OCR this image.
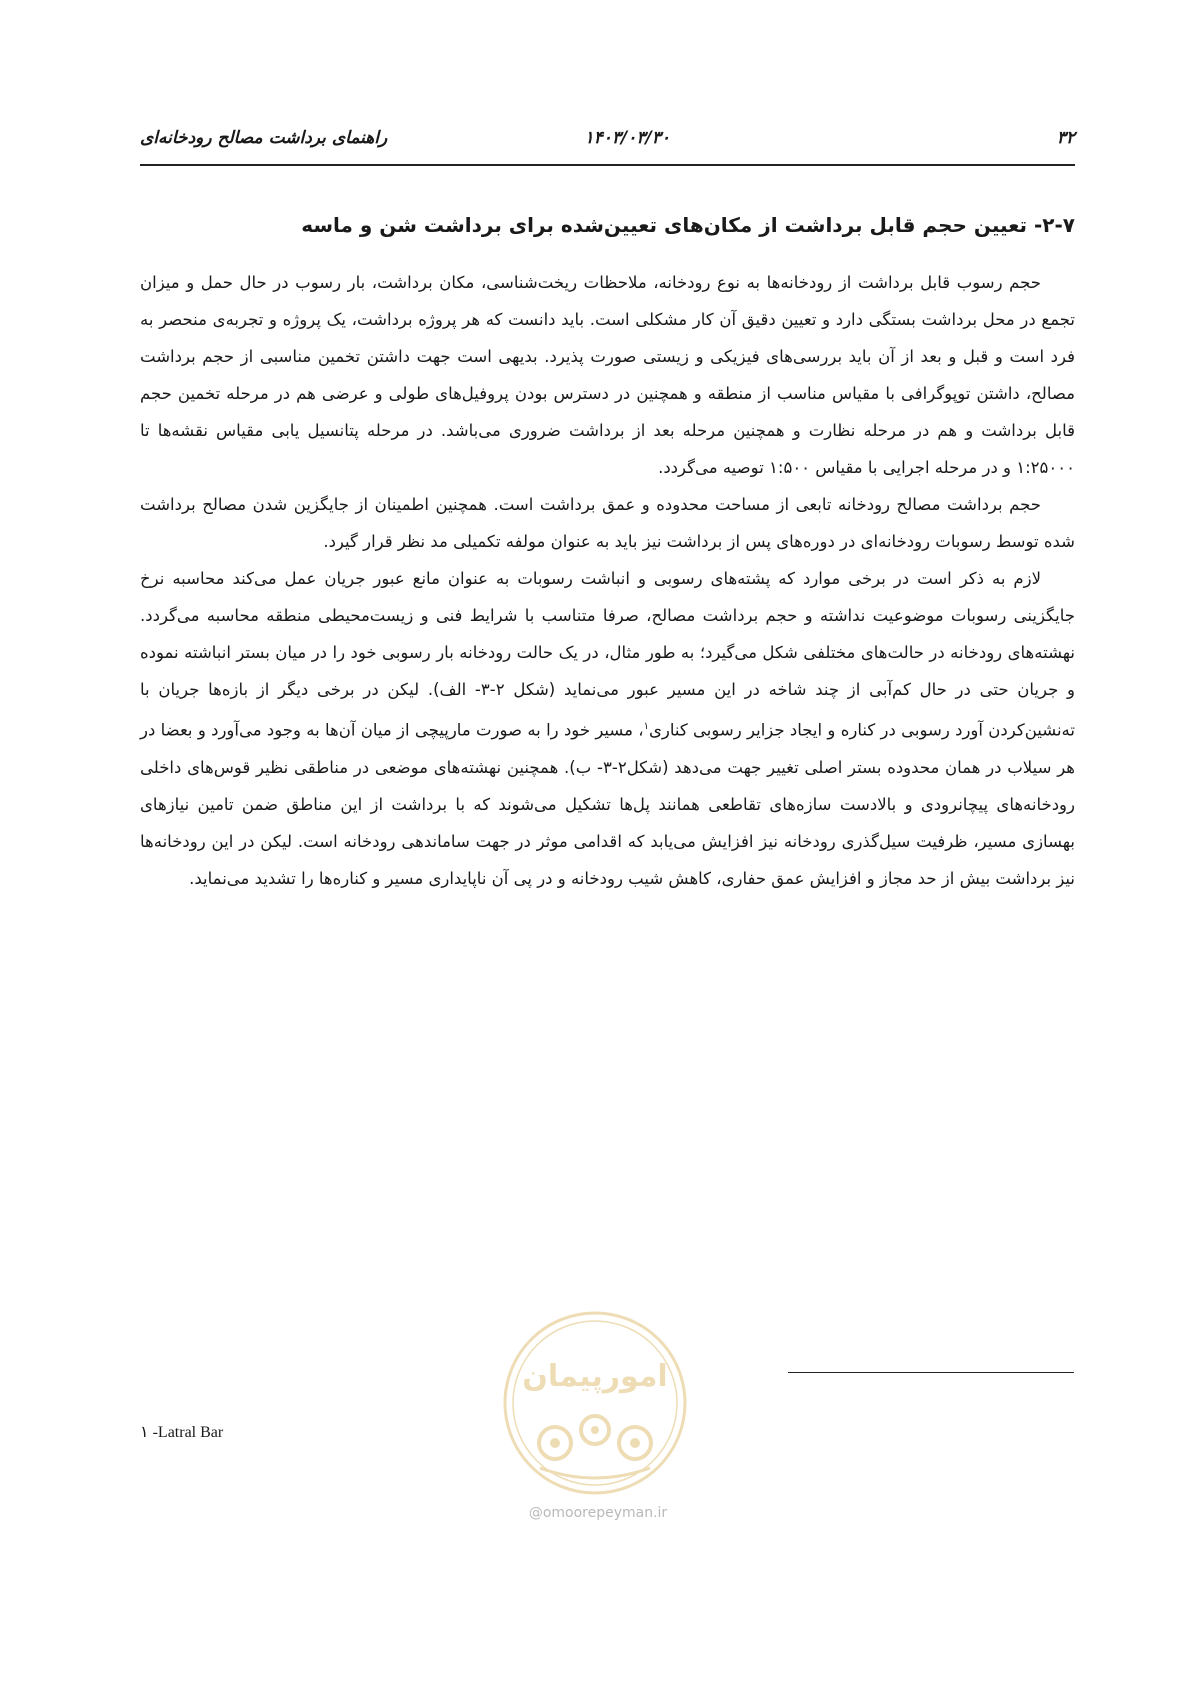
۳۲
۱۴۰۳/۰۳/۳۰
راهنمای برداشت مصالح رودخانه‌ای
۲-۷- تعیین حجم قابل برداشت از مکان‌های تعیین‌شده برای برداشت شن و ماسه

حجم رسوب قابل برداشت از رودخانه‌ها به نوع رودخانه، ملاحظات ریخت‌شناسی، مکان برداشت، بار رسوب در حال حمل و میزان تجمع در محل برداشت بستگی دارد و تعیین دقیق آن کار مشکلی است. باید دانست که هر پروژه برداشت، یک پروژه و تجربه‌ی منحصر به فرد است و قبل و بعد از آن باید بررسی‌های فیزیکی و زیستی صورت پذیرد. بدیهی است جهت داشتن تخمین مناسبی از حجم برداشت مصالح، داشتن توپوگرافی با مقیاس مناسب از منطقه و همچنین در دسترس بودن پروفیل‌های طولی و عرضی هم در مرحله تخمین حجم قابل برداشت و هم در مرحله نظارت و همچنین مرحله بعد از برداشت ضروری می‌باشد. در مرحله پتانسیل یابی مقیاس نقشه‌ها تا ۱:۲۵۰۰۰ و در مرحله اجرایی با مقیاس ۱:۵۰۰ توصیه می‌گردد.

حجم برداشت مصالح رودخانه تابعی از مساحت محدوده و عمق برداشت است. همچنین اطمینان از جایگزین شدن مصالح برداشت شده توسط رسوبات رودخانه‌ای در دوره‌های پس از برداشت نیز باید به عنوان مولفه تکمیلی مد نظر قرار گیرد.

لازم به ذکر است در برخی موارد که پشته‌های رسوبی و انباشت رسوبات به عنوان مانع عبور جریان عمل می‌کند محاسبه نرخ جایگزینی رسوبات موضوعیت نداشته و حجم برداشت مصالح، صرفا متناسب با شرایط فنی و زیست‌محیطی منطقه محاسبه می‌گردد. نهشته‌های رودخانه در حالت‌های مختلفی شکل می‌گیرد؛ به طور مثال، در یک حالت رودخانه بار رسوبی خود را در میان بستر انباشته نموده و جریان حتی در حال کم‌آبی از چند شاخه در این مسیر عبور می‌نماید (شکل ۲-۳- الف). لیکن در برخی دیگر از بازه‌ها جریان با ته‌نشین‌کردن آورد رسوبی در کناره و ایجاد جزایر رسوبی کناری$^۱$، مسیر خود را به صورت مارپیچی از میان آن‌ها به وجود می‌آورد و بعضا در هر سیلاب در همان محدوده بستر اصلی تغییر جهت می‌دهد (شکل۲-۳- ب). همچنین نهشته‌های موضعی در مناطقی نظیر قوس‌های داخلی رودخانه‌های پیچانرودی و بالادست سازه‌های تقاطعی همانند پل‌ها تشکیل می‌شوند که با برداشت از این مناطق ضمن تامین نیازهای بهسازی مسیر، ظرفیت سیل‌گذری رودخانه نیز افزایش می‌یابد که اقدامی موثر در جهت ساماندهی رودخانه است. لیکن در این رودخانه‌ها نیز برداشت بیش از حد مجاز و افزایش عمق حفاری، کاهش شیب رودخانه و در پی آن ناپایداری مسیر و کناره‌ها را تشدید می‌نماید.

١ -Latral Bar
امورپیمان
@omoorepeyman.ir
